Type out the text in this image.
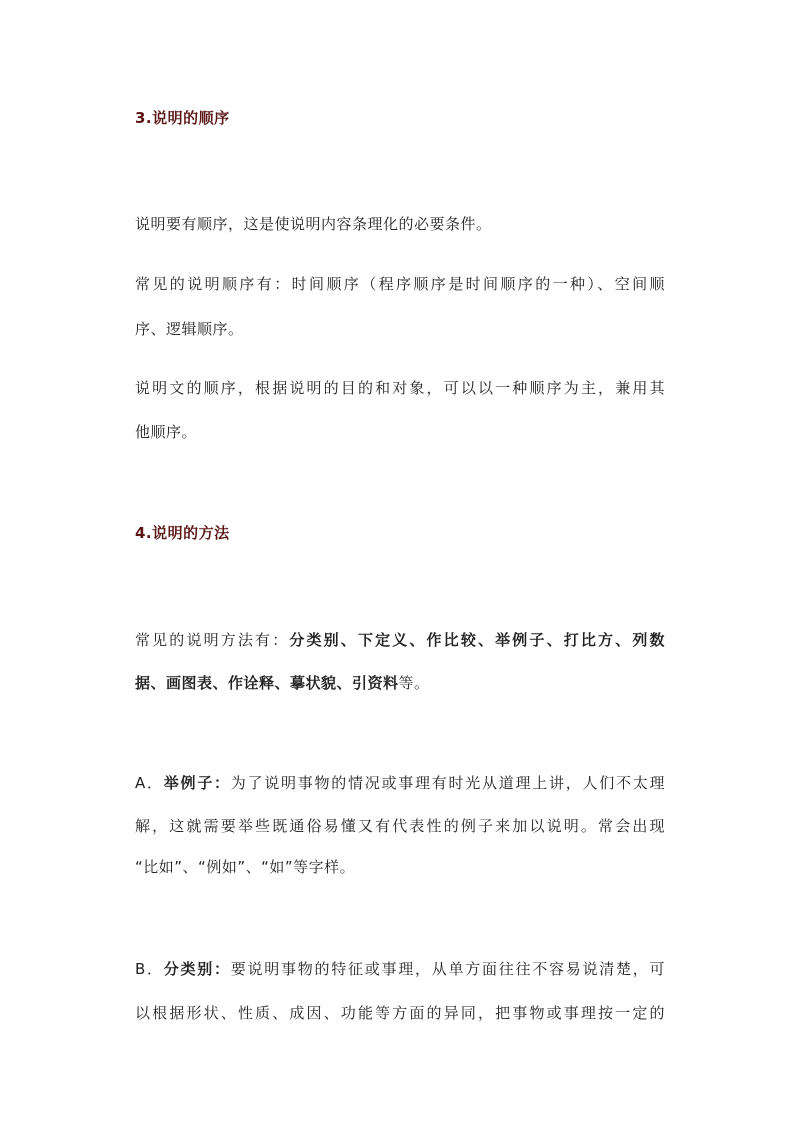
3.说明的顺序
说明要有顺序，这是使说明内容条理化的必要条件。
常见的说明顺序有：时间顺序（程序顺序是时间顺序的一种）、空间顺
序、逻辑顺序。
说明文的顺序，根据说明的目的和对象，可以以一种顺序为主，兼用其
他顺序。
4.说明的方法
常见的说明方法有：分类别、下定义、作比较、举例子、打比方、列数
据、画图表、作诠释、摹状貌、引资料等。
A．举例子：为了说明事物的情况或事理有时光从道理上讲，人们不太理
解，这就需要举些既通俗易懂又有代表性的例子来加以说明。常会出现
“比如”、“例如”、“如”等字样。
B．分类别：要说明事物的特征或事理，从单方面往往不容易说清楚，可
以根据形状、性质、成因、功能等方面的异同，把事物或事理按一定的
